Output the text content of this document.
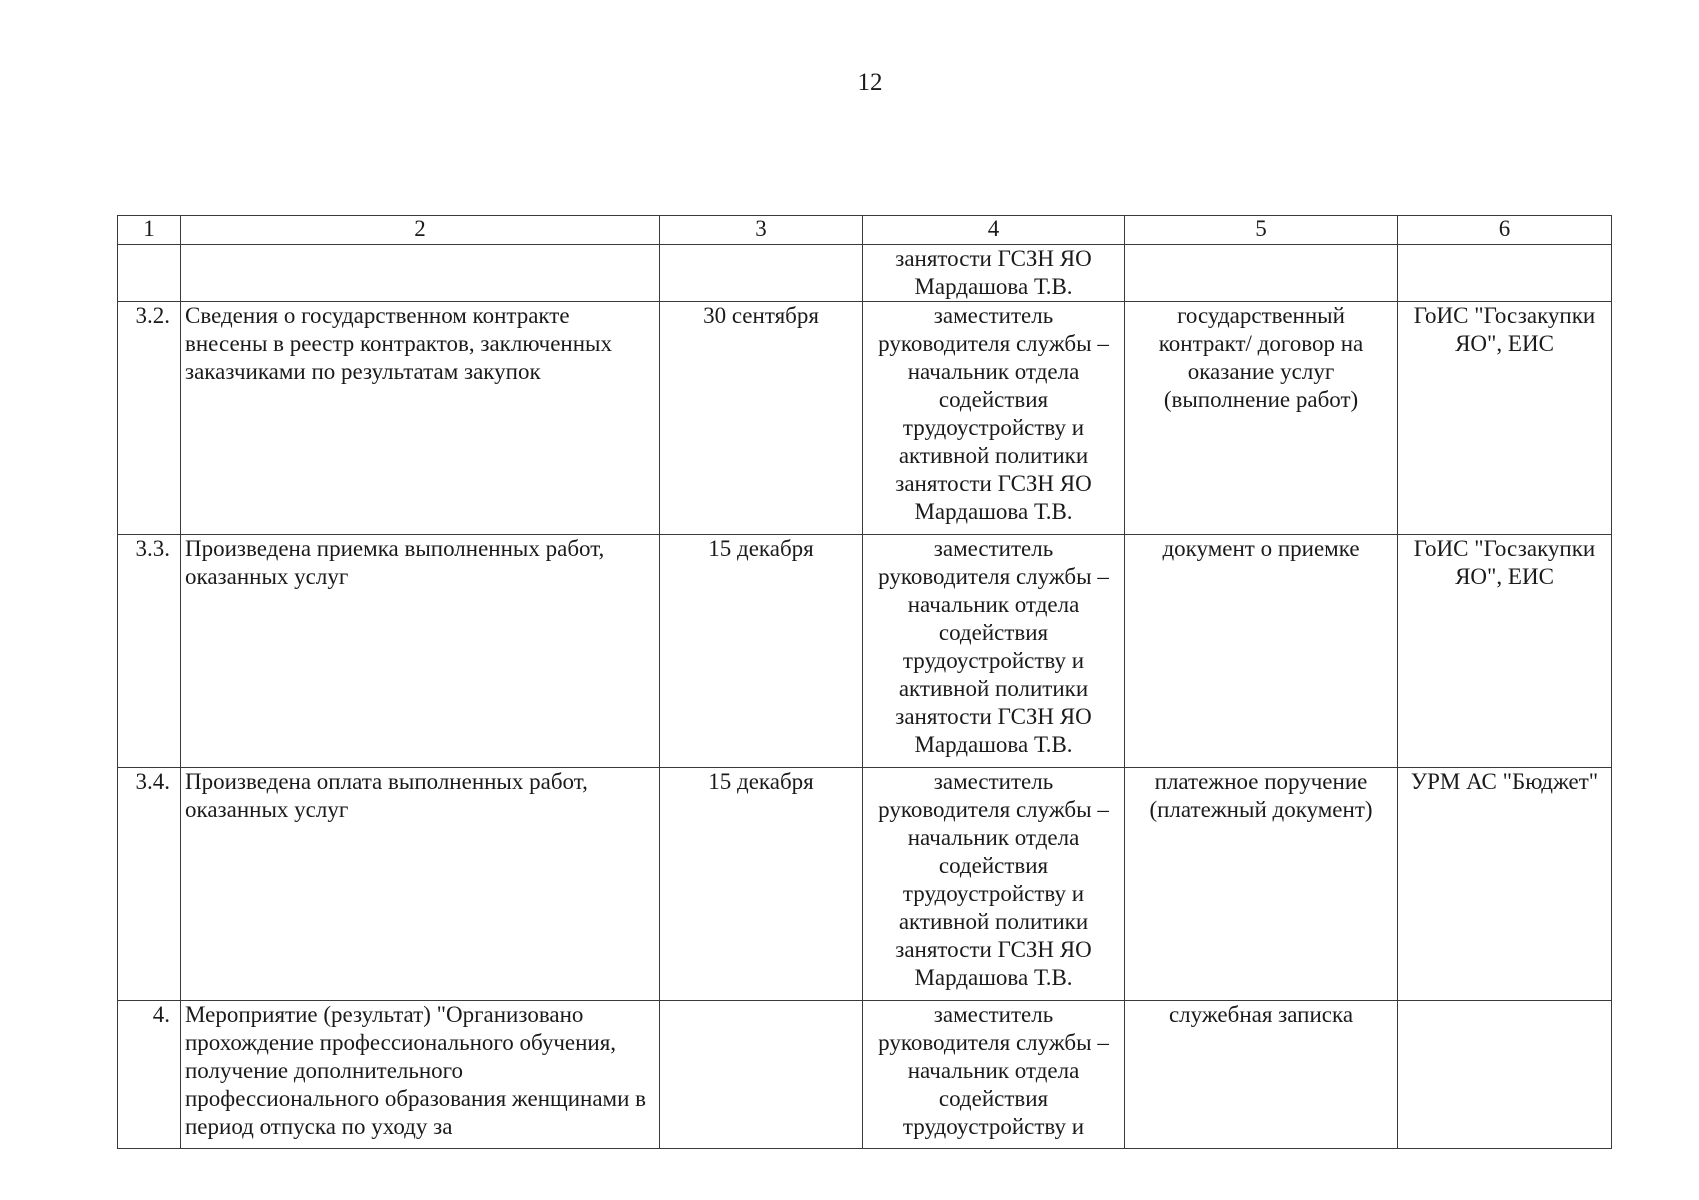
12
1	2	3	4	5	6
			занятости ГСЗН ЯО Мардашова Т.В.		
3.2.	Сведения о государственном контракте внесены в реестр контрактов, заключенных заказчиками по результатам закупок	30 сентября	заместитель руководителя службы – начальник отдела содействия трудоустройству и активной политики занятости ГСЗН ЯО Мардашова Т.В.	государственный контракт/ договор на оказание услуг (выполнение работ)	ГоИС "Госзакупки ЯО", ЕИС
3.3.	Произведена приемка выполненных работ, оказанных услуг	15 декабря	заместитель руководителя службы – начальник отдела содействия трудоустройству и активной политики занятости ГСЗН ЯО Мардашова Т.В.	документ о приемке	ГоИС "Госзакупки ЯО", ЕИС
3.4.	Произведена оплата выполненных работ, оказанных услуг	15 декабря	заместитель руководителя службы – начальник отдела содействия трудоустройству и активной политики занятости ГСЗН ЯО Мардашова Т.В.	платежное поручение (платежный документ)	УРМ АС "Бюджет"
4.	Мероприятие (результат) "Организовано прохождение профессионального обучения, получение дополнительного профессионального образования женщинами в период отпуска по уходу за		заместитель руководителя службы – начальник отдела содействия трудоустройству и	служебная записка	
